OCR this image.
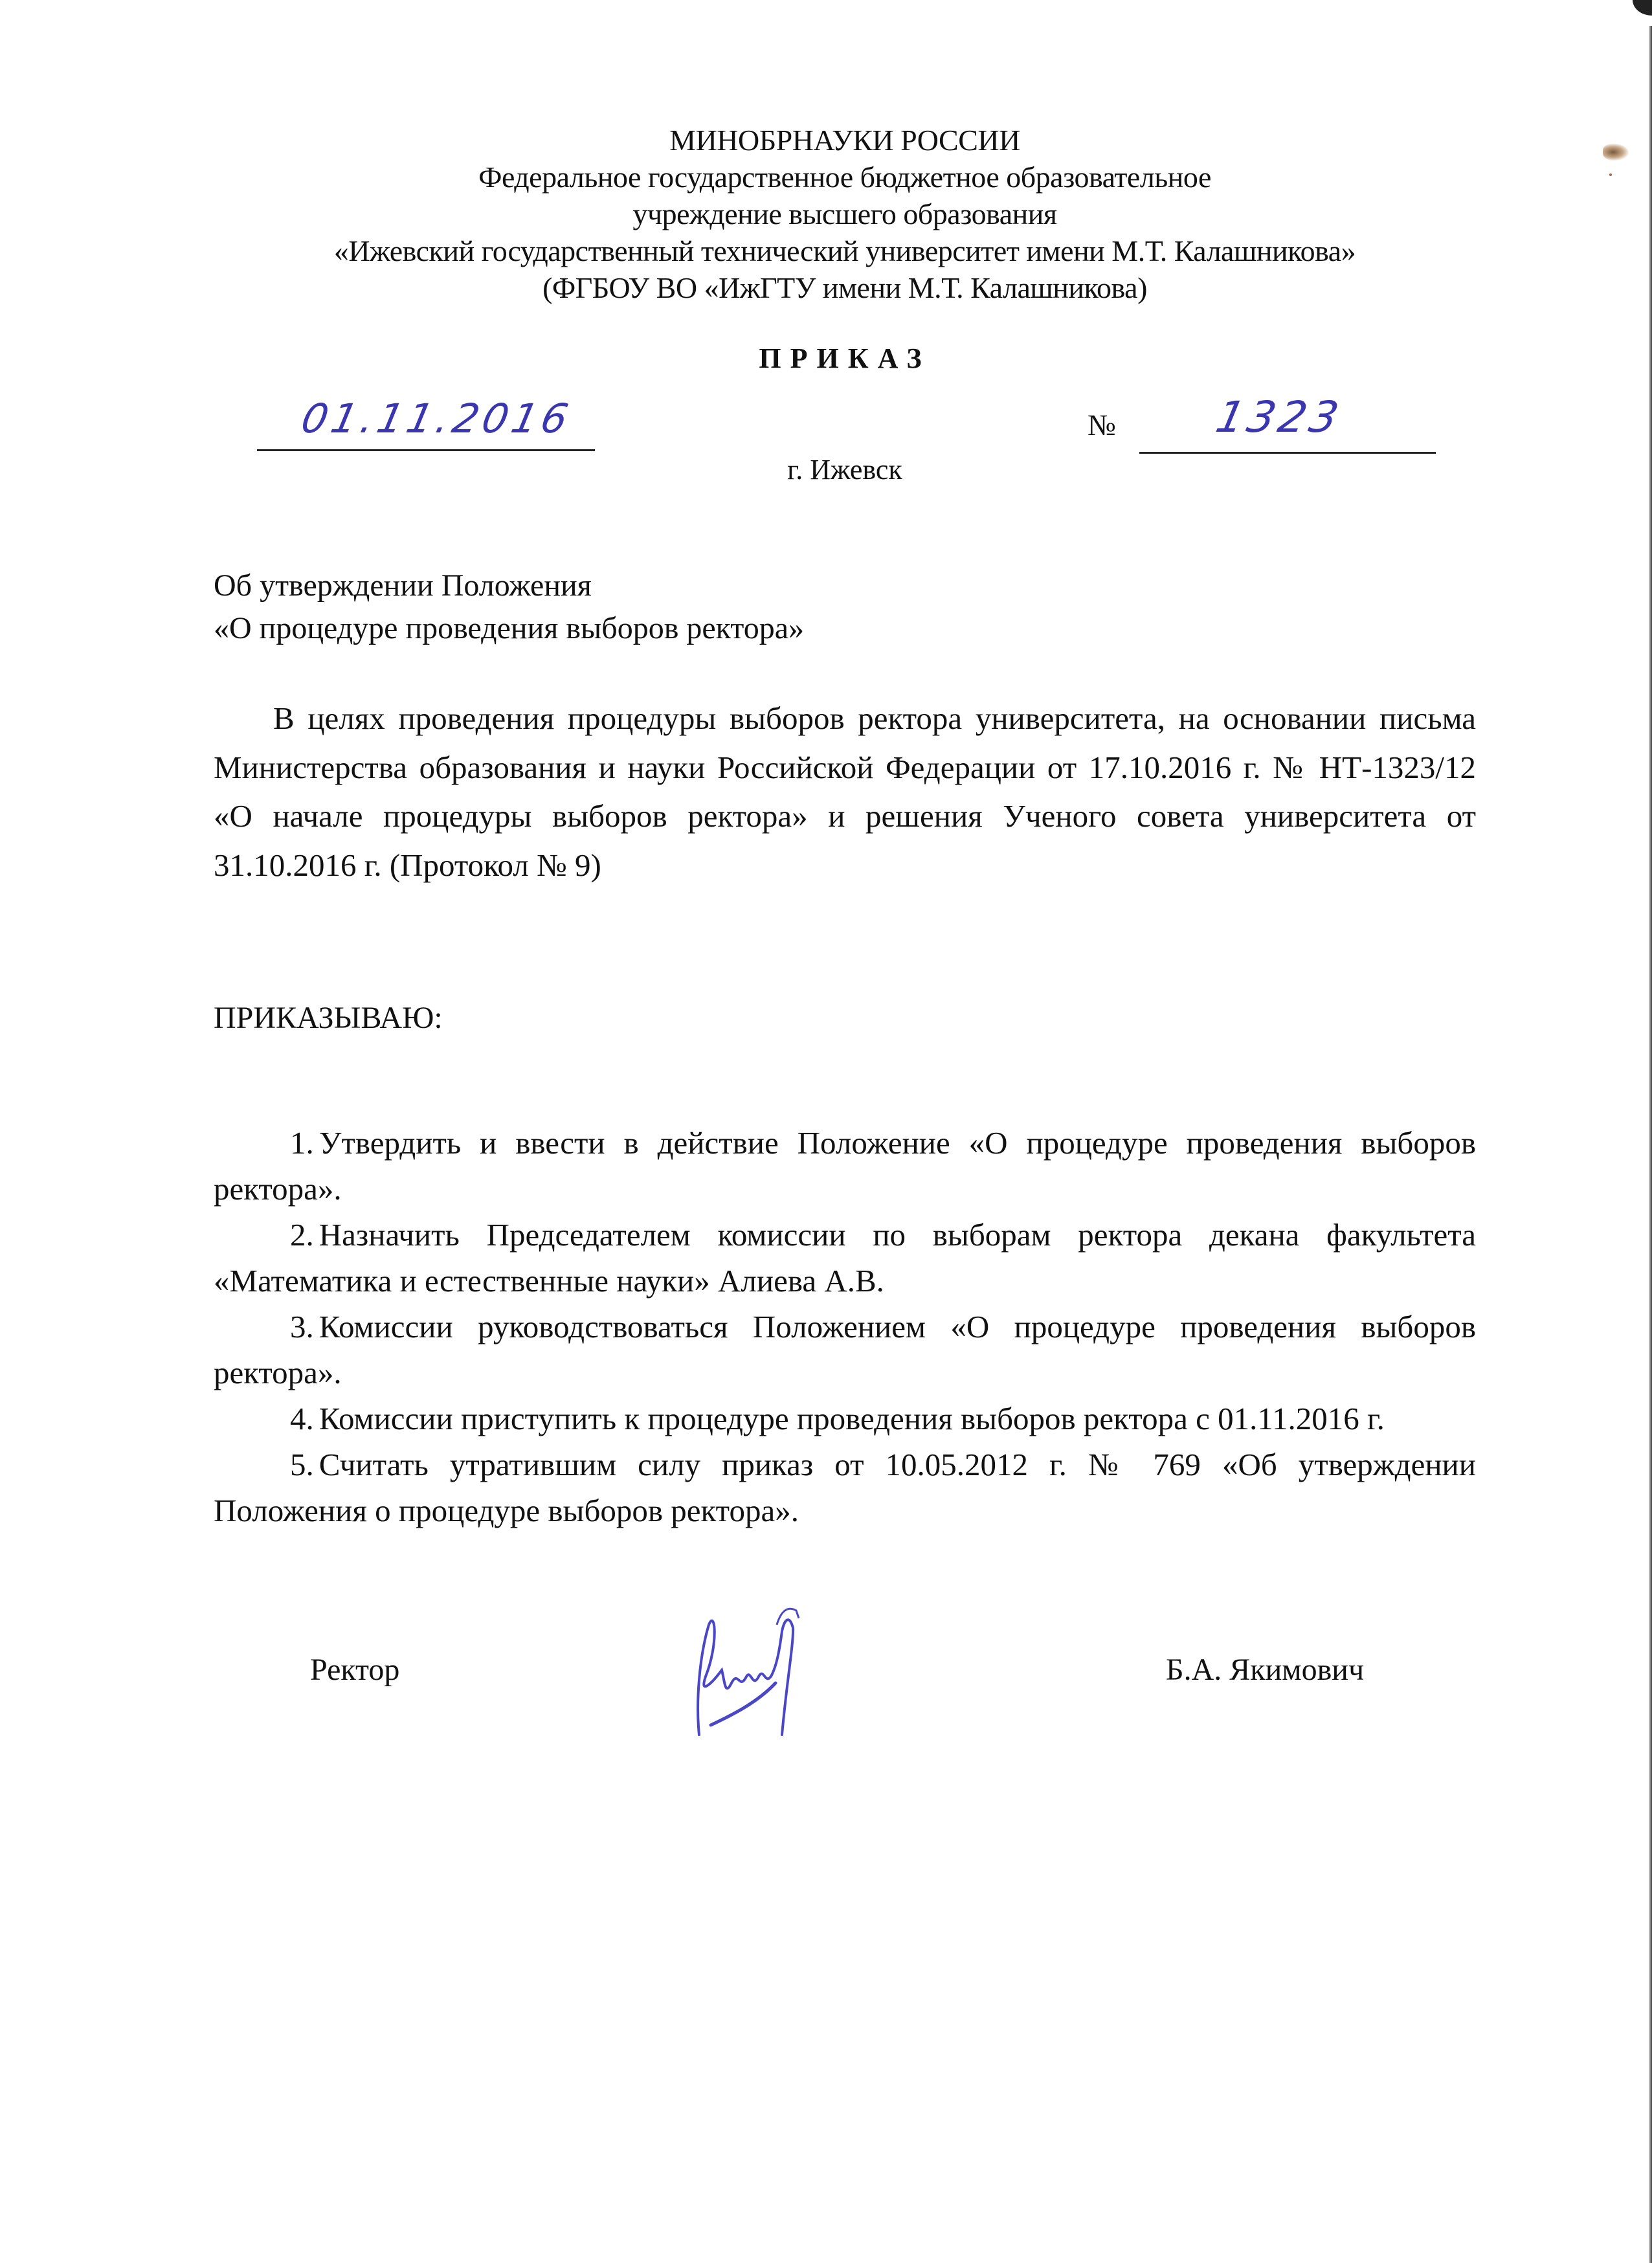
МИНОБРНАУКИ РОССИИ
Федеральное государственное бюджетное образовательное
учреждение высшего образования
«Ижевский государственный технический университет имени М.Т. Калашникова»
(ФГБОУ ВО «ИжГТУ имени М.Т. Калашникова)
ПРИКАЗ
01.11.2016	№ 1323
г. Ижевск
Об утверждении Положения
«О процедуре проведения выборов ректора»

В целях проведения процедуры выборов ректора университета, на основании письма Министерства образования и науки Российской Федерации от 17.10.2016 г. № НТ-1323/12 «О начале процедуры выборов ректора» и решения Ученого совета университета от 31.10.2016 г. (Протокол № 9)

ПРИКАЗЫВАЮ:
1. Утвердить и ввести в действие Положение «О процедуре проведения выборов ректора».
2. Назначить Председателем комиссии по выборам ректора декана факультета «Математика и естественные науки» Алиева А.В.
3. Комиссии руководствоваться Положением «О процедуре проведения выборов ректора».
4. Комиссии приступить к процедуре проведения выборов ректора с 01.11.2016 г.
5. Считать утратившим силу приказ от 10.05.2012 г. № 769 «Об утверждении Положения о процедуре выборов ректора».
Ректор	Б.А. Якимович
